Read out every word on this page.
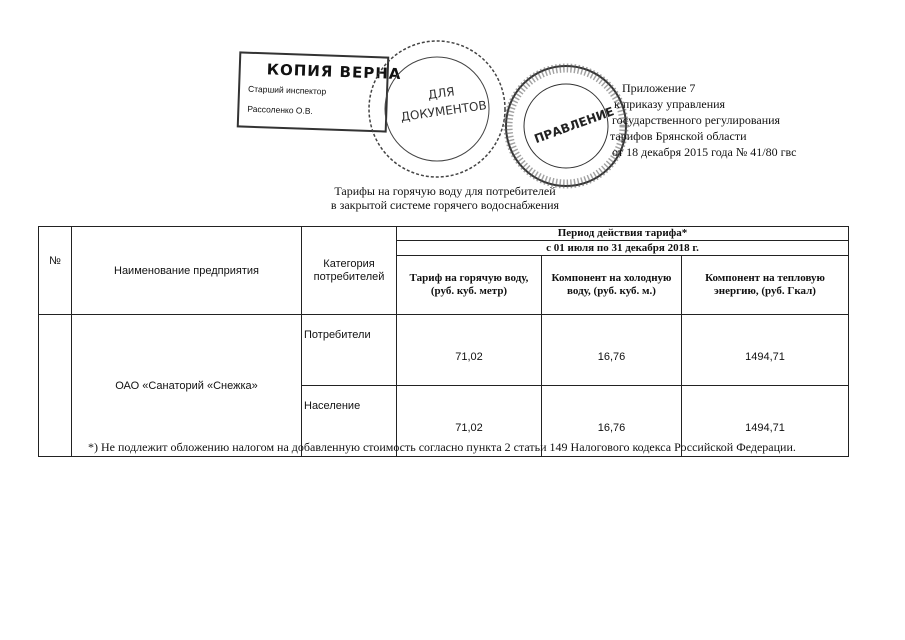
КОПИЯ ВЕРНА
Старший инспектор
Рассоленко О.В.
ДЛЯ
ДОКУМЕНТОВ	ПРАВЛЕНИЕ
Приложение 7
к приказу управления
государственного регулирования
тарифов Брянской области
от 18 декабря 2015 года № 41/80 гвс
Тарифы на горячую воду для потребителей
в закрытой системе горячего водоснабжения
№	Наименование предприятия	Категория потребителей	Период действия тарифа*		
			с 01 июля по 31 декабря 2018 г.		
			Тариф на горячую воду, (руб. куб. метр)	Компонент на холодную воду, (руб. куб. м.)	Компонент на тепловую энергию, (руб. Гкал)
	ОАО «Санаторий «Снежка»	Потребители	71,02	16,76	1494,71
		Население	71,02	16,76	1494,71
*) Не подлежит обложению налогом на добавленную стоимость согласно пункта 2 статьи 149 Налогового кодекса Российской Федерации.
